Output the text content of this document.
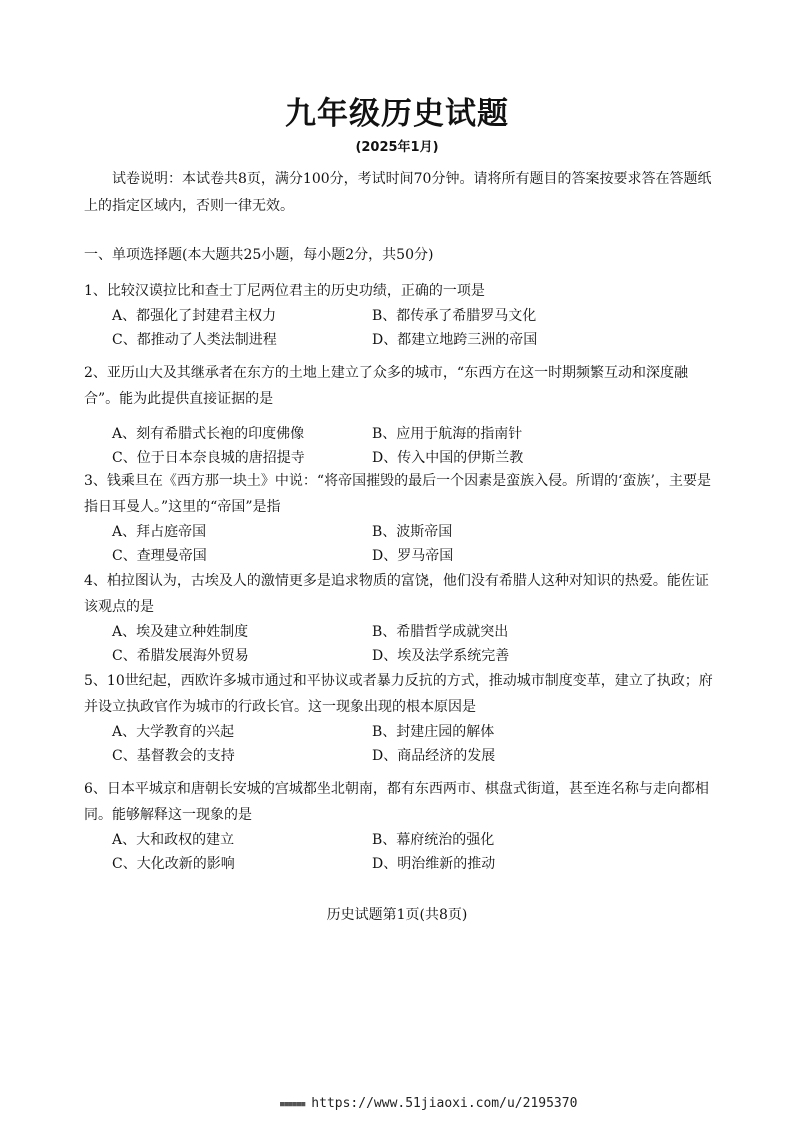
九年级历史试题
(2025年1月)
试卷说明：本试卷共8页，满分100分，考试时间70分钟。请将所有题目的答案按要求答在答题纸上的指定区域内，否则一律无效。
一、单项选择题(本大题共25小题，每小题2分，共50分)

1、比较汉谟拉比和查士丁尼两位君主的历史功绩，正确的一项是

A、都强化了封建君主权力	B、都传承了希腊罗马文化
C、都推动了人类法制进程	D、都建立地跨三洲的帝国

2、亚历山大及其继承者在东方的土地上建立了众多的城市，“东西方在这一时期频繁互动和深度融合”。能为此提供直接证据的是

A、刻有希腊式长袍的印度佛像	B、应用于航海的指南针
C、位于日本奈良城的唐招提寺	D、传入中国的伊斯兰教

3、钱乘旦在《西方那一块土》中说：“将帝国摧毁的最后一个因素是蛮族入侵。所谓的‘蛮族’，主要是指日耳曼人。”这里的“帝国”是指

A、拜占庭帝国	B、波斯帝国
C、查理曼帝国	D、罗马帝国

4、柏拉图认为，古埃及人的激情更多是追求物质的富饶，他们没有希腊人这种对知识的热爱。能佐证该观点的是

A、埃及建立种姓制度	B、希腊哲学成就突出
C、希腊发展海外贸易	D、埃及法学系统完善

5、10世纪起，西欧许多城市通过和平协议或者暴力反抗的方式，推动城市制度变革，建立了执政；府并设立执政官作为城市的行政长官。这一现象出现的根本原因是

A、大学教育的兴起	B、封建庄园的解体
C、基督教会的支持	D、商品经济的发展

6、日本平城京和唐朝长安城的宫城都坐北朝南，都有东西两市、棋盘式街道，甚至连名称与走向都相同。能够解释这一现象的是

A、大和政权的建立	B、幕府统治的强化
C、大化改新的影响	D、明治维新的推动
历史试题第1页(共8页)
■■■■■■ https://www.51jiaoxi.com/u/2195370
